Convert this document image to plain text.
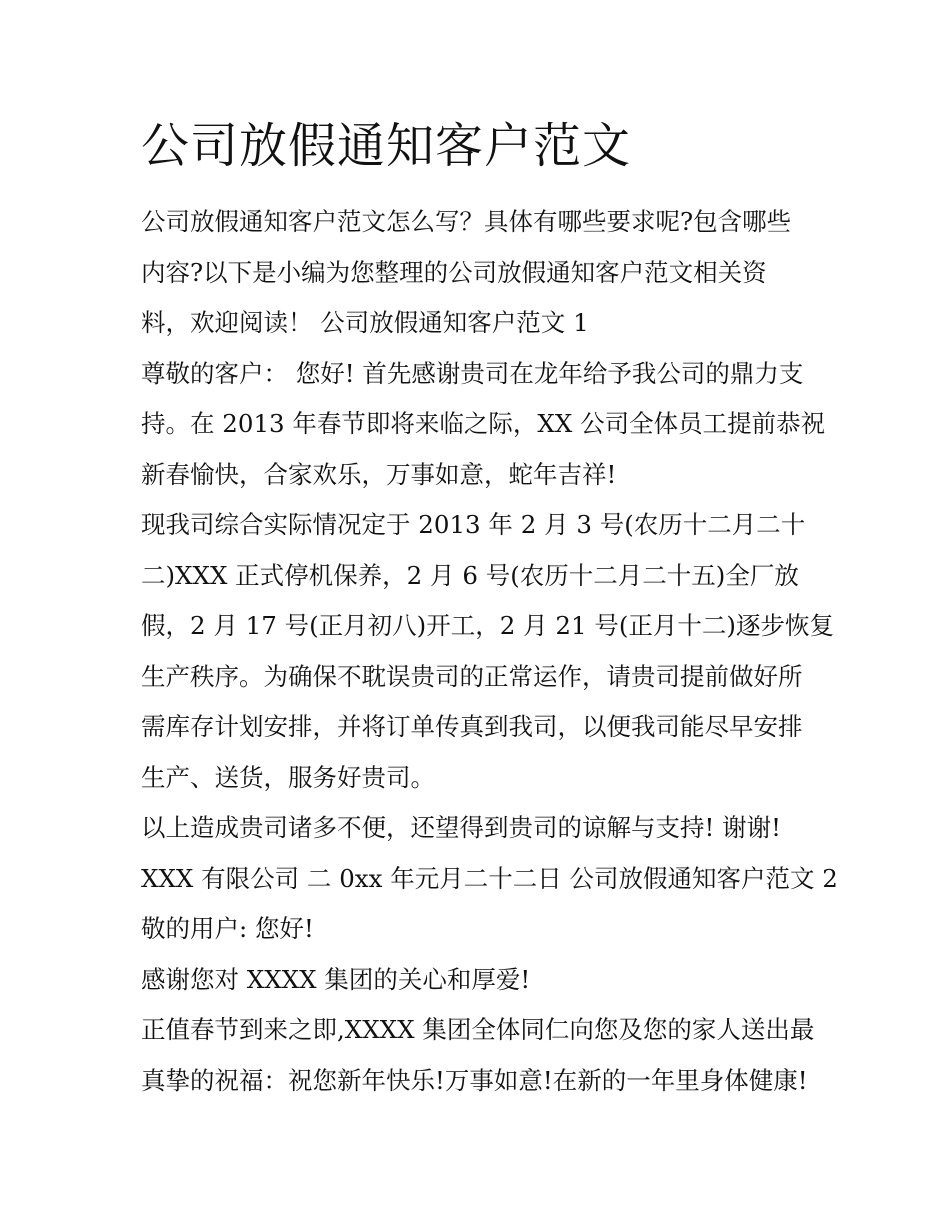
公司放假通知客户范文
公司放假通知客户范文怎么写？具体有哪些要求呢?包含哪些
内容?以下是小编为您整理的公司放假通知客户范文相关资
料，欢迎阅读！ 公司放假通知客户范文 1
尊敬的客户： 您好! 首先感谢贵司在龙年给予我公司的鼎力支
持。在 2013 年春节即将来临之际，XX 公司全体员工提前恭祝
新春愉快，合家欢乐，万事如意，蛇年吉祥!
现我司综合实际情况定于 2013 年 2 月 3 号(农历十二月二十
二)XXX 正式停机保养，2 月 6 号(农历十二月二十五)全厂放
假，2 月 17 号(正月初八)开工，2 月 21 号(正月十二)逐步恢复
生产秩序。为确保不耽误贵司的正常运作，请贵司提前做好所
需库存计划安排，并将订单传真到我司，以便我司能尽早安排
生产、送货，服务好贵司。
以上造成贵司诸多不便，还望得到贵司的谅解与支持! 谢谢!
XXX 有限公司 二 0xx 年元月二十二日 公司放假通知客户范文 2
敬的用户: 您好!
感谢您对 XXXX 集团的关心和厚爱!
正值春节到来之即,XXXX 集团全体同仁向您及您的家人送出最
真挚的祝福：祝您新年快乐!万事如意!在新的一年里身体健康!
